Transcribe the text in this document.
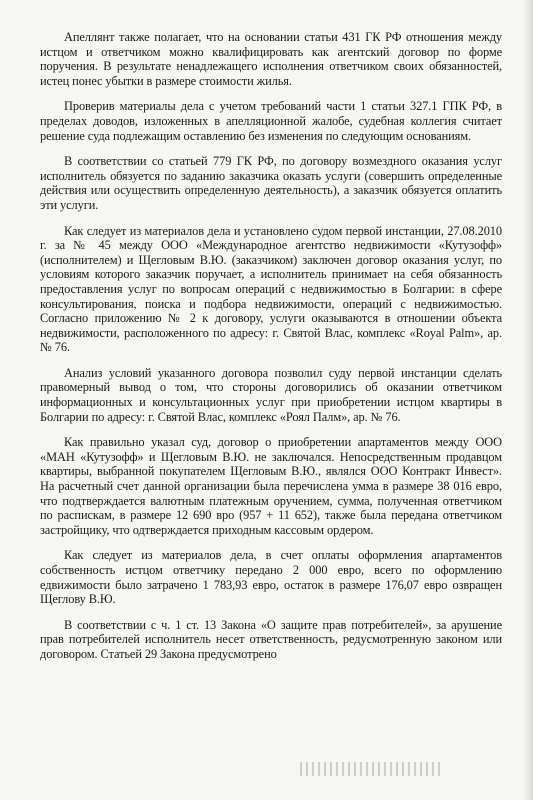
Апеллянт также полагает, что на основании статьи 431 ГК РФ отношения между истцом и ответчиком можно квалифицировать как агентский договор по форме поручения. В результате ненадлежащего исполнения ответчиком своих обязанностей, истец понес убытки в размере стоимости жилья.

Проверив материалы дела с учетом требований части 1 статьи 327.1 ГПК РФ, в пределах доводов, изложенных в апелляционной жалобе, судебная коллегия считает решение суда подлежащим оставлению без изменения по следующим основаниям.

В соответствии со статьей 779 ГК РФ, по договору возмездного оказания услуг исполнитель обязуется по заданию заказчика оказать услуги (совершить определенные действия или осуществить определенную деятельность), а заказчик обязуется оплатить эти услуги.

Как следует из материалов дела и установлено судом первой инстанции, 27.08.2010 г. за № 45 между ООО «Международное агентство недвижимости «Кутузофф» (исполнителем) и Щегловым В.Ю. (заказчиком) заключен договор оказания услуг, по условиям которого заказчик поручает, а исполнитель принимает на себя обязанность предоставления услуг по вопросам операций с недвижимостью в Болгарии: в сфере консультирования, поиска и подбора недвижимости, операций с недвижимостью. Согласно приложению № 2 к договору, услуги оказываются в отношении объекта недвижимости, расположенного по адресу: г. Святой Влас, комплекс «Royal Palm», ap. № 76.

Анализ условий указанного договора позволил суду первой инстанции сделать правомерный вывод о том, что стороны договорились об оказании ответчиком информационных и консультационных услуг при приобретении истцом квартиры в Болгарии по адресу: г. Святой Влас, комплекс «Роял Палм», ap. № 76.

Как правильно указал суд, договор о приобретении апартаментов между ООО «МАН «Кутузофф» и Щегловым В.Ю. не заключался. Непосредственным продавцом квартиры, выбранной покупателем Щегловым В.Ю., являлся ООО Контракт Инвест». На расчетный счет данной организации была перечислена умма в размере 38 016 евро, что подтверждается валютным платежным оручением, сумма, полученная ответчиком по распискам, в размере 12 690 вро (957 + 11 652), также была передана ответчиком застройщику, что одтверждается приходным кассовым ордером.

Как следует из материалов дела, в счет оплаты оформления апартаментов собственность истцом ответчику передано 2 000 евро, всего по оформлению едвижимости было затрачено 1 783,93 евро, остаток в размере 176,07 евро озвращен Щеглову В.Ю.

В соответствии с ч. 1 ст. 13 Закона «О защите прав потребителей», за арушение прав потребителей исполнитель несет ответственность, редусмотренную законом или договором. Статьей 29 Закона предусмотрено
